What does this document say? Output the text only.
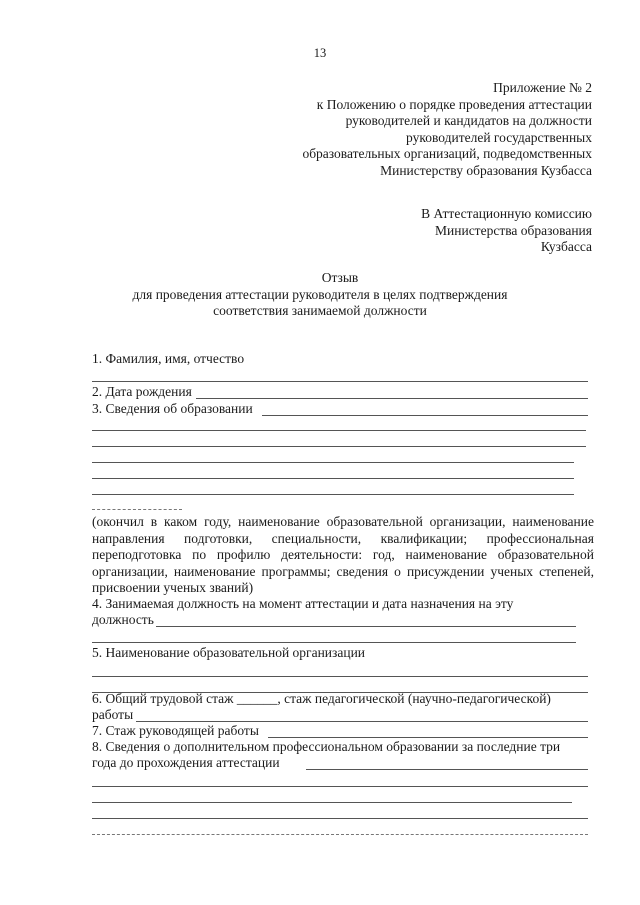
13
Приложение № 2
к Положению о порядке проведения аттестации
руководителей и кандидатов на должности
руководителей государственных
образовательных организаций, подведомственных
Министерству образования Кузбасса
В Аттестационную комиссию
Министерства образования
Кузбасса
Отзыв
для проведения аттестации руководителя в целях подтверждения
соответствия занимаемой должности
1. Фамилия, имя, отчество
2. Дата рождения
3. Сведения об образовании
(окончил в каком году, наименование образовательной организации, наименование направления подготовки, специальности, квалификации; профессиональная переподготовка по профилю деятельности: год, наименование образовательной организации, наименование программы; сведения о присуждении ученых степеней, присвоении ученых званий)
4. Занимаемая должность на момент аттестации и дата назначения на эту
должность
5. Наименование образовательной организации
6. Общий трудовой стаж ______, стаж педагогической (научно-педагогической)
работы
7. Стаж руководящей работы
8. Сведения о дополнительном профессиональном образовании за последние три
года до прохождения аттестации
